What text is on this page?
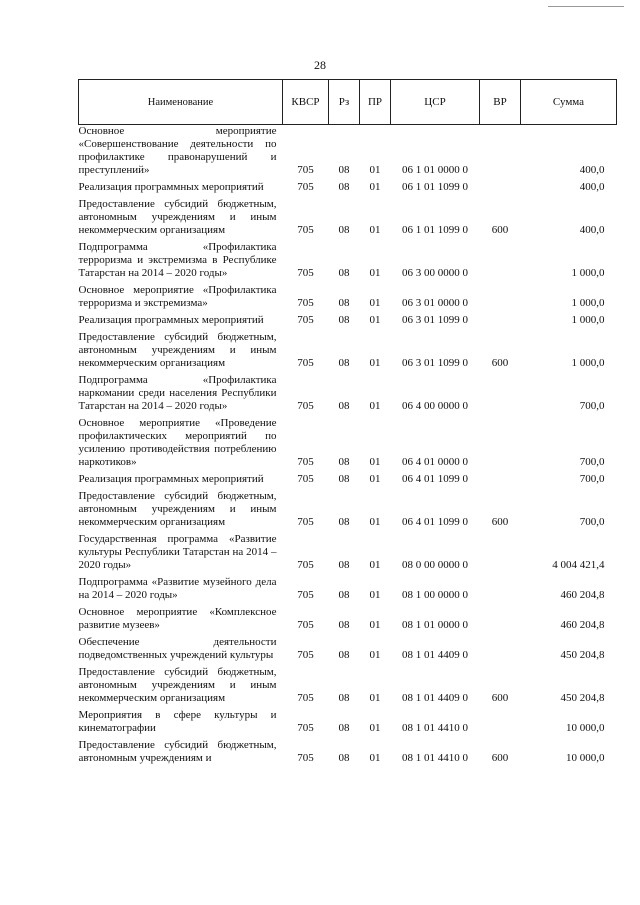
28
Наименование	КВСР	Рз	ПР	ЦСР	ВР	Сумма
Основное мероприятие «Совершенствование деятельности по профилактике правонарушений и преступлений»	705	08	01	06 1 01 0000 0		400,0
Реализация программных мероприятий	705	08	01	06 1 01 1099 0		400,0
Предоставление субсидий бюджетным, автономным учреждениям и иным некоммерческим организациям	705	08	01	06 1 01 1099 0	600	400,0
Подпрограмма «Профилактика терроризма и экстремизма в Республике Татарстан на 2014 – 2020 годы»	705	08	01	06 3 00 0000 0		1 000,0
Основное мероприятие «Профилактика терроризма и экстремизма»	705	08	01	06 3 01 0000 0		1 000,0
Реализация программных мероприятий	705	08	01	06 3 01 1099 0		1 000,0
Предоставление субсидий бюджетным, автономным учреждениям и иным некоммерческим организациям	705	08	01	06 3 01 1099 0	600	1 000,0
Подпрограмма «Профилактика наркомании среди населения Республики Татарстан на 2014 – 2020 годы»	705	08	01	06 4 00 0000 0		700,0
Основное мероприятие «Проведение профилактических мероприятий по усилению противодействия потреблению наркотиков»	705	08	01	06 4 01 0000 0		700,0
Реализация программных мероприятий	705	08	01	06 4 01 1099 0		700,0
Предоставление субсидий бюджетным, автономным учреждениям и иным некоммерческим организациям	705	08	01	06 4 01 1099 0	600	700,0
Государственная программа «Развитие культуры Республики Татарстан на 2014 – 2020 годы»	705	08	01	08 0 00 0000 0		4 004 421,4
Подпрограмма «Развитие музейного дела на 2014 – 2020 годы»	705	08	01	08 1 00 0000 0		460 204,8
Основное мероприятие «Комплексное развитие музеев»	705	08	01	08 1 01 0000 0		460 204,8
Обеспечение деятельности подведомственных учреждений культуры	705	08	01	08 1 01 4409 0		450 204,8
Предоставление субсидий бюджетным, автономным учреждениям и иным некоммерческим организациям	705	08	01	08 1 01 4409 0	600	450 204,8
Мероприятия в сфере культуры и кинематографии	705	08	01	08 1 01 4410 0		10 000,0
Предоставление субсидий бюджетным, автономным учреждениям и	705	08	01	08 1 01 4410 0	600	10 000,0
